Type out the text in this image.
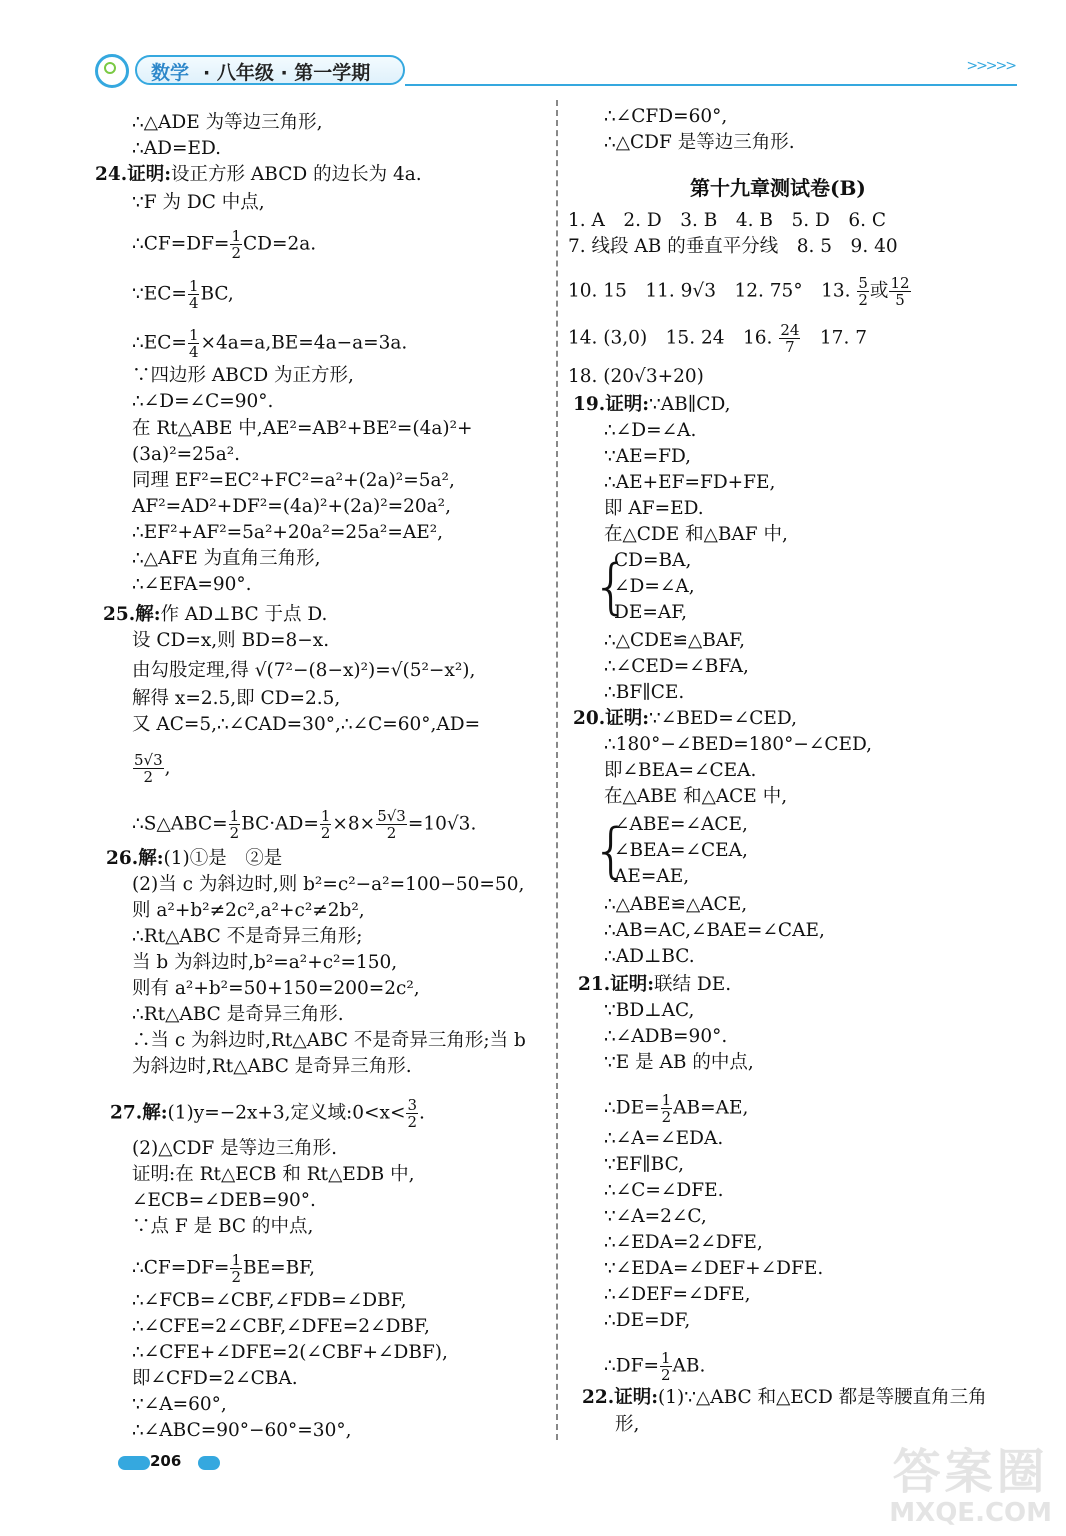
数学 · 八年级 · 第一学期	>>>>>
∴△ADE 为等边三角形,
∴AD=ED.
24.证明:设正方形 ABCD 的边长为 4a.
∵F 为 DC 中点,
∴CF=DF= $\frac{1}{2} CD=2a$.
∵EC= $\frac{1}{4}$ BC,
∴EC= $\frac{1}{4} \times 4a=a,BE=4a-a=3a$.
∵四边形 ABCD 为正方形,
∴∠D=∠C=90°.
在 Rt△ABE 中,AE²=AB²+BE²=(4a)²+
(3a)²=25a².
同理 EF²=EC²+FC²=a²+(2a)²=5a²,
AF²=AD²+DF²=(4a)²+(2a)²=20a²,
∴EF²+AF²=5a²+20a²=25a²=AE²,
∴△AFE 为直角三角形,
∴∠EFA=90°.
25.解:作 AD⊥BC 于点 D.
设 CD=x,则 BD=8−x.
由勾股定理,得 √(7²−(8−x)²)=√(5²−x²),
解得 x=2.5,即 CD=2.5,
又 AC=5,∴∠CAD=30°,∴∠C=60°,AD=
$\frac{5√3}{2}$ ,
∴S△ABC= $\frac{1}{2} BC\cdot AD= \frac{1}{2} \times 8\times \frac{5√3}{2} =10√3$.
26.解:(1)①是　②是
(2)当 c 为斜边时,则 b²=c²−a²=100−50=50,
则 a²+b²≠2c²,a²+c²≠2b²,
∴Rt△ABC 不是奇异三角形;
当 b 为斜边时,b²=a²+c²=150,
则有 a²+b²=50+150=200=2c²,
∴Rt△ABC 是奇异三角形.
∴当 c 为斜边时,Rt△ABC 不是奇异三角形;当 b
为斜边时,Rt△ABC 是奇异三角形.
27.解:(1)y=−2x+3,定义域:0<x< $\frac{3}{2}$ .
(2)△CDF 是等边三角形.
证明:在 Rt△ECB 和 Rt△EDB 中,
∠ECB=∠DEB=90°.
∵点 F 是 BC 的中点,
∴CF=DF= $\frac{1}{2} BE=BF$,
∴∠FCB=∠CBF,∠FDB=∠DBF,
∴∠CFE=2∠CBF,∠DFE=2∠DBF,
∴∠CFE+∠DFE=2(∠CBF+∠DBF),
即∠CFD=2∠CBA.
∵∠A=60°,
∴∠ABC=90°−60°=30°,
∴∠CFD=60°,
∴△CDF 是等边三角形.
1. A　2. D　3. B　4. B　5. D　6. C
7. 线段 AB 的垂直平分线　8. 5　9. 40
10. 15　11. 9√3　12. 75°　13. $\frac{5}{2}$ 或 $\frac{12}{5}$
14. (3,0)　15. 24　16. $\frac{24}{7}$ 　17. 7
18. (20√3+20)
19.证明:∵AB∥CD,
∴∠D=∠A.
∵AE=FD,
∴AE+EF=FD+FE,
即 AF=ED.
在△CDE 和△BAF 中,
CD=BA,
∠D=∠A,
DE=AF,
∴△CDE≌△BAF,
∴∠CED=∠BFA,
∴BF∥CE.
20.证明:∵∠BED=∠CED,
∴180°−∠BED=180°−∠CED,
即∠BEA=∠CEA.
在△ABE 和△ACE 中,
∠ABE=∠ACE,
∠BEA=∠CEA,
AE=AE,
∴△ABE≌△ACE,
∴AB=AC,∠BAE=∠CAE,
∴AD⊥BC.
21.证明:联结 DE.
∵BD⊥AC,
∴∠ADB=90°.
∵E 是 AB 的中点,
∴DE= $\frac{1}{2} AB=AE$,
∴∠A=∠EDA.
∵EF∥BC,
∴∠C=∠DFE.
∵∠A=2∠C,
∴∠EDA=2∠DFE,
∵∠EDA=∠DEF+∠DFE.
∴∠DEF=∠DFE,
∴DE=DF,
∴DF= $\frac{1}{2}$ AB.
22.证明:(1)∵△ABC 和△ECD 都是等腰直角三角
形,
第十九章测试卷(B)
{
{
206	答案圈
MXQE.COM
